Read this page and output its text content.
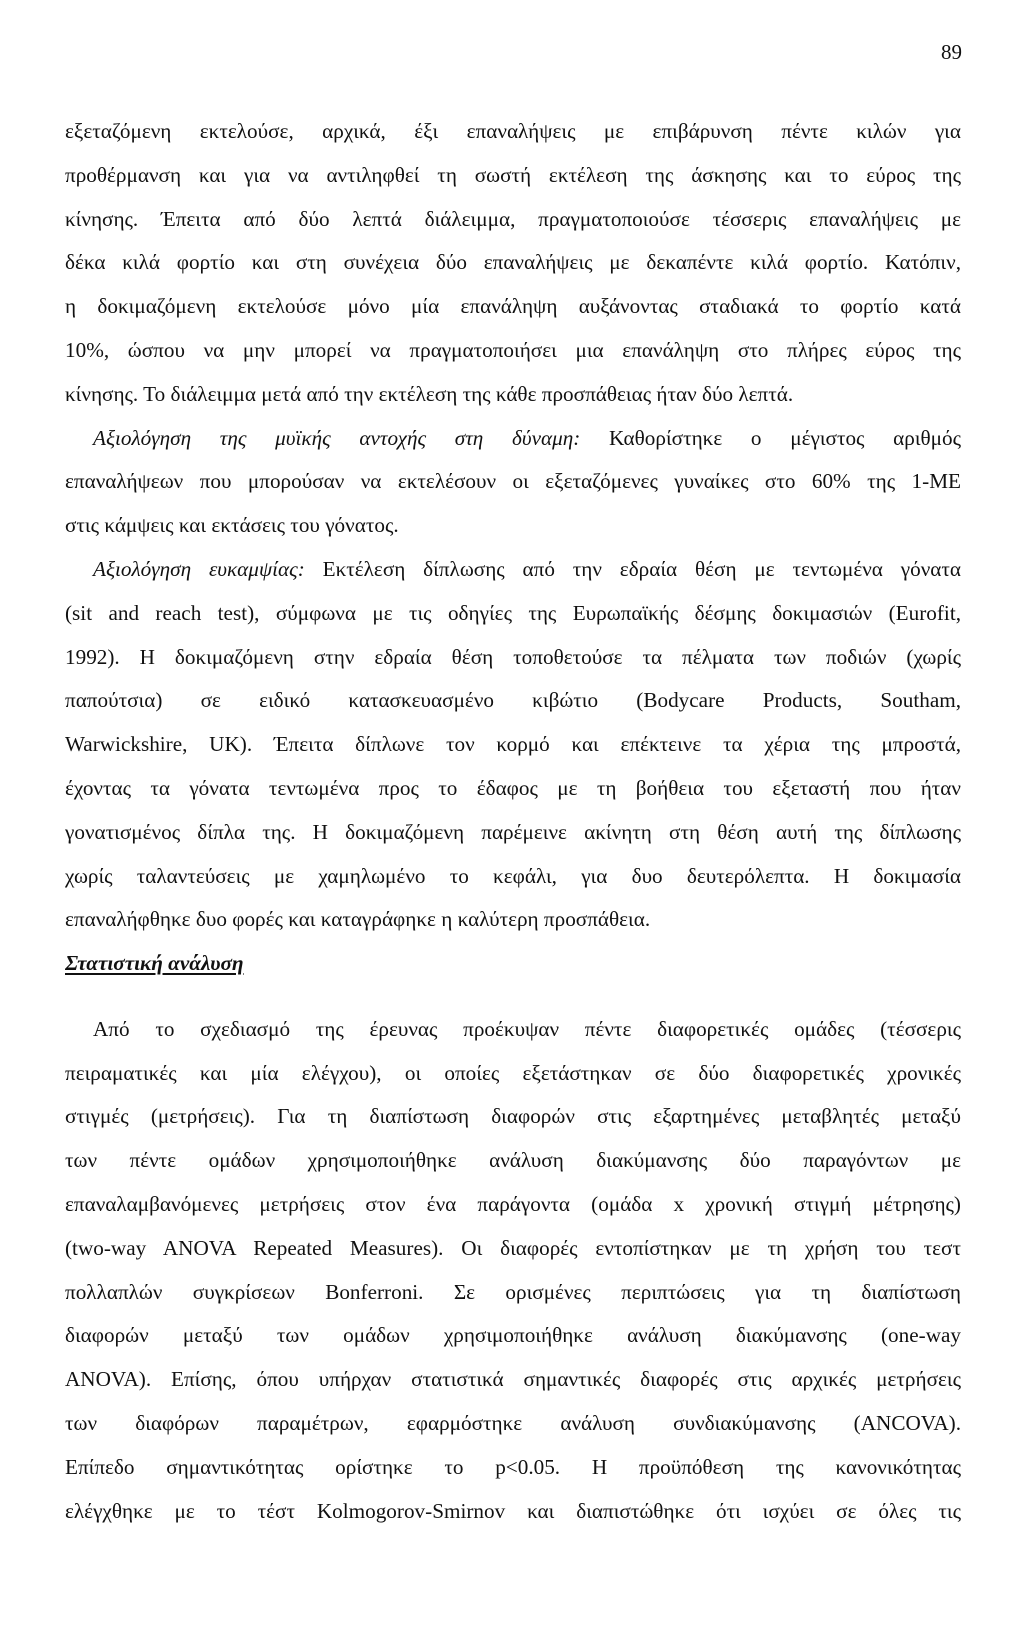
89
εξεταζόμενη εκτελούσε, αρχικά, έξι επαναλήψεις με επιβάρυνση πέντε κιλών για
προθέρμανση και για να αντιληφθεί τη σωστή εκτέλεση της άσκησης και το εύρος της
κίνησης. Έπειτα από δύο λεπτά διάλειμμα, πραγματοποιούσε τέσσερις επαναλήψεις με
δέκα κιλά φορτίο και στη συνέχεια δύο επαναλήψεις με δεκαπέντε κιλά φορτίο. Κατόπιν,
η δοκιμαζόμενη εκτελούσε μόνο μία επανάληψη αυξάνοντας σταδιακά το φορτίο κατά
10%, ώσπου να μην μπορεί να πραγματοποιήσει μια επανάληψη στο πλήρες εύρος της
κίνησης. Το διάλειμμα μετά από την εκτέλεση της κάθε προσπάθειας ήταν δύο λεπτά.
Αξιολόγηση της μυϊκής αντοχής στη δύναμη: Καθορίστηκε ο μέγιστος αριθμός
επαναλήψεων που μπορούσαν να εκτελέσουν οι εξεταζόμενες γυναίκες στο 60% της 1-ΜΕ
στις κάμψεις και εκτάσεις του γόνατος.
Αξιολόγηση ευκαμψίας: Εκτέλεση δίπλωσης από την εδραία θέση με τεντωμένα γόνατα
(sit and reach test), σύμφωνα με τις οδηγίες της Ευρωπαϊκής δέσμης δοκιμασιών (Eurofit,
1992). Η δοκιμαζόμενη στην εδραία θέση τοποθετούσε τα πέλματα των ποδιών (χωρίς
παπούτσια) σε ειδικό κατασκευασμένο κιβώτιο (Bodycare Products, Southam,
Warwickshire, UK). Έπειτα δίπλωνε τον κορμό και επέκτεινε τα χέρια της μπροστά,
έχοντας τα γόνατα τεντωμένα προς το έδαφος με τη βοήθεια του εξεταστή που ήταν
γονατισμένος δίπλα της. Η δοκιμαζόμενη παρέμεινε ακίνητη στη θέση αυτή της δίπλωσης
χωρίς ταλαντεύσεις με χαμηλωμένο το κεφάλι, για δυο δευτερόλεπτα. Η δοκιμασία
επαναλήφθηκε δυο φορές και καταγράφηκε η καλύτερη προσπάθεια.
Στατιστική ανάλυση
Από το σχεδιασμό της έρευνας προέκυψαν πέντε διαφορετικές ομάδες (τέσσερις
πειραματικές και μία ελέγχου), οι οποίες εξετάστηκαν σε δύο διαφορετικές χρονικές
στιγμές (μετρήσεις). Για τη διαπίστωση διαφορών στις εξαρτημένες μεταβλητές μεταξύ
των πέντε ομάδων χρησιμοποιήθηκε ανάλυση διακύμανσης δύο παραγόντων με
επαναλαμβανόμενες μετρήσεις στον ένα παράγοντα (ομάδα x χρονική στιγμή μέτρησης)
(two-way ANOVA Repeated Measures). Οι διαφορές εντοπίστηκαν με τη χρήση του τεστ
πολλαπλών συγκρίσεων Bonferroni. Σε ορισμένες περιπτώσεις για τη διαπίστωση
διαφορών μεταξύ των ομάδων χρησιμοποιήθηκε ανάλυση διακύμανσης (one-way
ANOVA). Επίσης, όπου υπήρχαν στατιστικά σημαντικές διαφορές στις αρχικές μετρήσεις
των διαφόρων παραμέτρων, εφαρμόστηκε ανάλυση συνδιακύμανσης (ANCOVA).
Επίπεδο σημαντικότητας ορίστηκε το p<0.05. Η προϋπόθεση της κανονικότητας
ελέγχθηκε με το τέστ Kolmogorov-Smirnov και διαπιστώθηκε ότι ισχύει σε όλες τις
